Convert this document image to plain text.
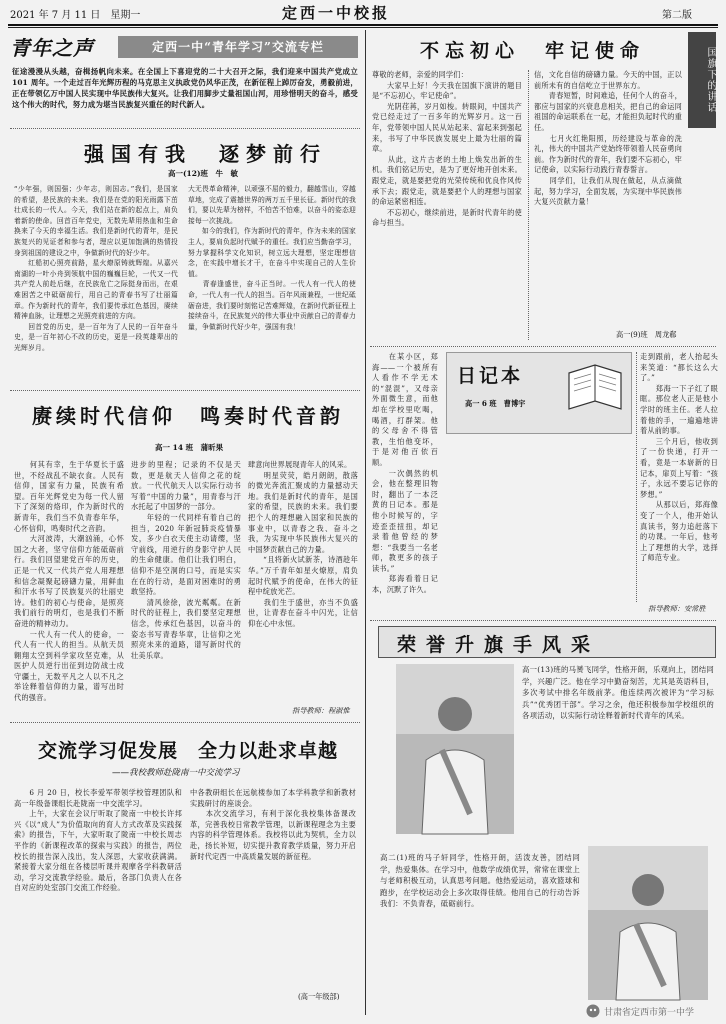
2021 年 7 月 11 日　星期一	定西一中校报	第二版
青年之声	定西一中“青年学习”交流专栏
征途漫漫从头越，奋楫扬帆向未来。在全国上下喜迎党的二十大召开之际，我们迎来中国共产党成立 101 周年。一个走过百年光辉历程的马克思主义执政党仍风华正茂，在新征程上踔厉奋发，勇毅前进，正在带领亿万中国人民实现中华民族伟大复兴。让我们用脚步丈量祖国山河，用珍惜明天的奋斗，感受这个伟大的时代，努力成为堪当民族复兴重任的时代新人。
强国有我　逐梦前行
高一(12)班　牛　敏
“少年强，则国强；少年志，则国志。”我们，是国家的希望，是民族的未来。我们是在党的阳光雨露下茁壮成长的一代人。今天，我们站在新的起点上，肩负着新的使命。回首百年党史，无数先辈用热血和生命换来了今天的幸福生活。我们是新时代的青年，是民族复兴的见证者和参与者，理应以更加饱满的热情投身到祖国的建设之中，争做新时代的好少年。
　　红船初心照亮前路，星火燎原铸就辉煌。从嘉兴南湖的一叶小舟到领航中国的巍巍巨轮，一代又一代共产党人前赴后继，在民族危亡之际挺身而出，在艰难困苦之中砥砺前行，用自己的青春书写了壮丽篇章。作为新时代的青年，我们要传承红色基因，赓续精神血脉，让理想之光照亮前进的方向。
　　回首党的历史，是一百年为了人民的一百年奋斗史，是一百年初心不改的历史，更是一段英雄辈出的光辉岁月。

大无畏革命精神，以顽强不屈的毅力，翻越雪山，穿越草地，完成了震撼世界的两万五千里长征。新时代的我们，要以先辈为榜样，不怕苦不怕难，以奋斗的姿态迎接每一次挑战。
　　如今的我们，作为新时代的青年，作为未来的国家主人，要肩负起时代赋予的重任。我们应当勤奋学习，努力掌握科学文化知识，树立远大理想，坚定理想信念，在实践中增长才干，在奋斗中实现自己的人生价值。
　　青春逢盛世，奋斗正当时。一代人有一代人的使命，一代人有一代人的担当。百年风雨兼程，一世纪砥砺奋进，我们要时刻铭记苦难辉煌，在新时代新征程上接续奋斗，在民族复兴的伟大事业中贡献自己的青春力量，争做新时代好少年，强国有我！
赓续时代信仰　鸣奏时代音韵
高一 14 班　蒲昕果
　　何其有幸，生于华夏长于盛世，不经战乱不缺衣食。人民有信仰，国家有力量，民族有希望。百年光辉党史为每一代人留下了深刻的烙印，作为新时代的新青年，我们当不负青春年华，心怀信仰，鸣奏时代之音韵。
　　大河波涛，大潮汹涌，心怀国之大者，坚守信仰方能砥砺前行。我们回望建党百年的历史，正是一代又一代共产党人用理想和信念凝聚起磅礴力量，用鲜血和汗水书写了民族复兴的壮丽史诗。他们的初心与使命，是照亮我们前行的明灯，也是我们不断奋进的精神动力。
　　一代人有一代人的使命，一代人有一代人的担当。从航天员翱翔太空到科学家攻坚克难，从医护人员逆行出征到边防战士戍守疆土，无数平凡之人以不凡之举诠释着信仰的力量，谱写出时代的强音。
进步的里程；记录的不仅是天数，更是航天人信仰之花的绽放。一代代航天人以实际行动书写着“中国的力量”，用青春与汗水托起了中国梦的一部分。
　　年轻的一代同样有着自己的担当，2020 年新冠肺炎疫情暴发，多少白衣天使主动请缨，坚守前线，用逆行的身影守护人民的生命健康。他们让我们明白，信仰不是空洞的口号，而是实实在在的行动，是面对困难时的勇敢坚持。
　　清风徐徐，波光粼粼。在新时代的征程上，我们要坚定理想信念，传承红色基因，以奋斗的姿态书写青春华章，让信仰之光照亮未来的道路，谱写新时代的壮美乐章。
肆意向世界展现青年人的风采。
　　明星荧荧，皓月朗朗，散落的微光奔流汇聚成的力量撼动天地。我们是新时代的青年，是国家的希望，民族的未来。我们要把个人的理想融入国家和民族的事业中，以青春之我、奋斗之我，为实现中华民族伟大复兴的中国梦贡献自己的力量。
　　“且将新火试新茶，诗酒趁年华。”万千青年如星火燎原，肩负起时代赋予的使命，在伟大的征程中绽放光芒。
　　我们生于盛世，亦当不负盛世，让青春在奋斗中闪光，让信仰在心中永恒。
指导教师：程淑惟
交流学习促发展　全力以赴求卓越
——我校教师赴陇南一中交流学习
　　6 月 20 日，校长李爱军带领学校管理团队和高一年级备课组长赴陇南一中交流学习。
　　上午，大家在会议厅听取了陇南一中校长许邦兴《以“成人”为价值取向的育人方式改革及实践探索》的报告，下午，大家听取了陇南一中校长周志平作的《新课程改革的探索与实践》的报告，两位校长的报告深入浅出，发人深思，大家收获满满。紧接着大家分组在各楼层听课并观摩各学科教研活动，学习交流教学经验。最后，各部门负责人在各自对应的处室部门交流工作经验。
中各教研组长在远航楼参加了本学科教学和新教材实践研讨的座谈会。
　　本次交流学习，有利于深化我校集体备课改革，完善我校日常教学管理，以新课程理念为主要内容的科学管理体系。我校将以此为契机，全力以赴，扬长补短，切实提升教育教学质量，努力开启新时代定西一中高质量发展的新征程。
(高一年级部)
不忘初心　牢记使命	国旗下的讲话
尊敬的老师，亲爱的同学们：
　　大家早上好！今天我在国旗下演讲的题目是“不忘初心，牢记使命”。
　　光阴荏苒，岁月如梭。转眼间，中国共产党已经走过了一百多年的光辉岁月。这一百年，党带领中国人民从站起来、富起来到强起来，书写了中华民族发展史上最为壮丽的篇章。
　　从此，这片古老的土地上焕发出新的生机。我们铭记历史，是为了更好地开创未来。跟党走，就是要把党的光荣传统和优良作风传承下去；跟党走，就是要把个人的理想与国家的命运紧密相连。
　　不忘初心，继续前进，是新时代青年的使命与担当。
信，文化自信的磅礴力量。今天的中国，正以前所未有的自信屹立于世界东方。
　　青春短暂，时间难追，任何个人的奋斗，都应与国家的兴衰息息相关，把自己的命运同祖国的命运联系在一起，才能担负起时代的重任。
　　七月火红艳阳照，历经建设与革命的洗礼，伟大的中国共产党始终带领着人民奋勇向前。作为新时代的青年，我们要不忘初心，牢记使命，以实际行动践行青春誓言。
　　同学们，让我们从现在做起，从点滴做起，努力学习，全面发展，为实现中华民族伟大复兴贡献力量！
高一(9)班　周龙郗
　　在某小区，郑海——一个被所有人看作不学无术的“混混”，又母亲外面微生意，而他却在学校里吃喝，喝酒，打群架。他的父母舍不得管教，生怕他变坏，于是对他百依百顺。
　　一次偶然的机会，他在整理旧物时，翻出了一本泛黄的日记本。那是他小时候写的，字迹歪歪扭扭，却记录着他曾经的梦想：“我要当一名老师，教更多的孩子读书。”
　　郑海看着日记本，沉默了许久。
日记本
高一 6 班　曹博宇
走到跟前，老人抬起头来笑道：“都长这么大了。”
　　郑海一下子红了眼眶。那位老人正是他小学时的班主任。老人拉着他的手，一遍遍地讲着从前的事。
　　三个月后，他收到了一份快递，打开一看，竟是一本崭新的日记本，扉页上写着：“孩子，永远不要忘记你的梦想。”
　　从那以后，郑海像变了一个人，他开始认真读书，努力追赶落下的功课。一年后，他考上了理想的大学，选择了师范专业。
指导教师：安常胜
荣誉升旗手风采
高一(13)班的马赟飞同学，性格开朗，乐观向上，团结同学，兴趣广泛。他在学习中勤奋刻苦，尤其是英语科目，多次考试中排名年级前茅。他连续两次被评为“学习标兵”“优秀团干部”。学习之余，他还积极参加学校组织的各项活动，以实际行动诠释着新时代青年的风采。
高二(1)班的马子轩同学，性格开朗，活泼友善，团结同学，热爱集体。在学习中，他数学成绩优异，常常在课堂上与老师积极互动，认真思考问题。他热爱运动，喜欢篮球和跑步，在学校运动会上多次取得佳绩。他用自己的行动告诉我们：不负青春，砥砺前行。
甘肃省定西市第一中学
